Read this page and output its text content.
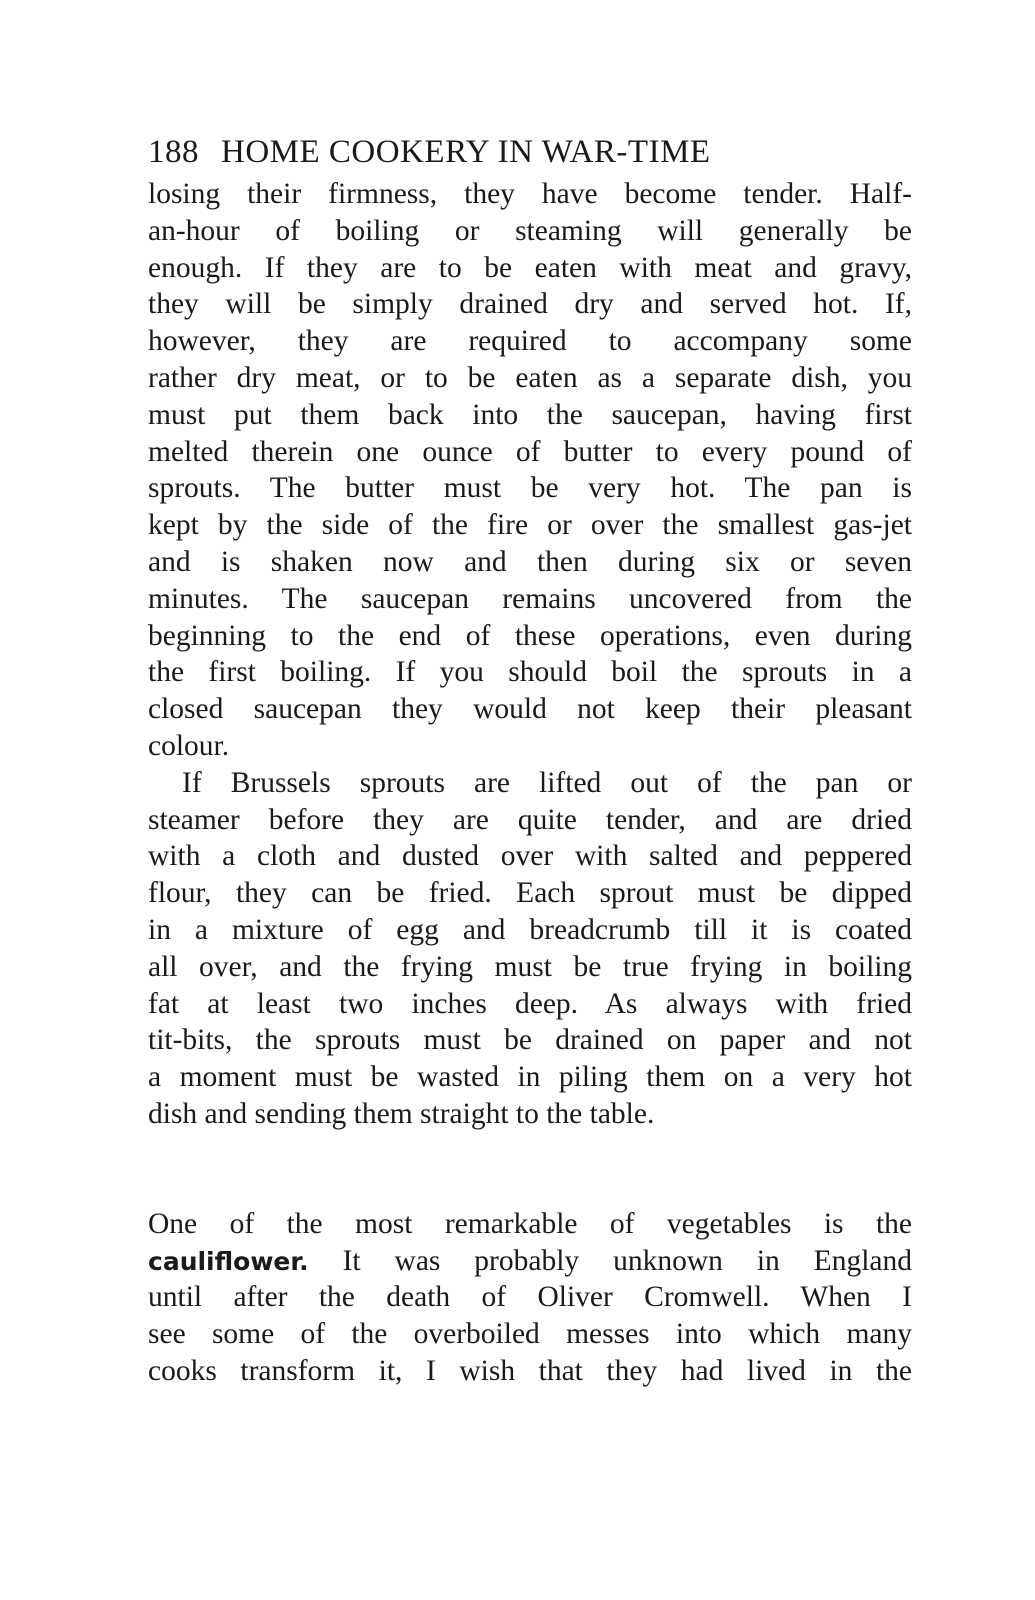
188 HOME COOKERY IN WAR-TIME
losing their firmness, they have become tender. Half-
an-hour of boiling or steaming will generally be
enough. If they are to be eaten with meat and gravy,
they will be simply drained dry and served hot. If,
however, they are required to accompany some
rather dry meat, or to be eaten as a separate dish, you
must put them back into the saucepan, having first
melted therein one ounce of butter to every pound of
sprouts. The butter must be very hot. The pan is
kept by the side of the fire or over the smallest gas-jet
and is shaken now and then during six or seven
minutes. The saucepan remains uncovered from the
beginning to the end of these operations, even during
the first boiling. If you should boil the sprouts in a
closed saucepan they would not keep their pleasant
colour.
If Brussels sprouts are lifted out of the pan or
steamer before they are quite tender, and are dried
with a cloth and dusted over with salted and peppered
flour, they can be fried. Each sprout must be dipped
in a mixture of egg and breadcrumb till it is coated
all over, and the frying must be true frying in boiling
fat at least two inches deep. As always with fried
tit-bits, the sprouts must be drained on paper and not
a moment must be wasted in piling them on a very hot
dish and sending them straight to the table.
One of the most remarkable of vegetables is the
cauliflower. It was probably unknown in England
until after the death of Oliver Cromwell. When I
see some of the overboiled messes into which many
cooks transform it, I wish that they had lived in the
